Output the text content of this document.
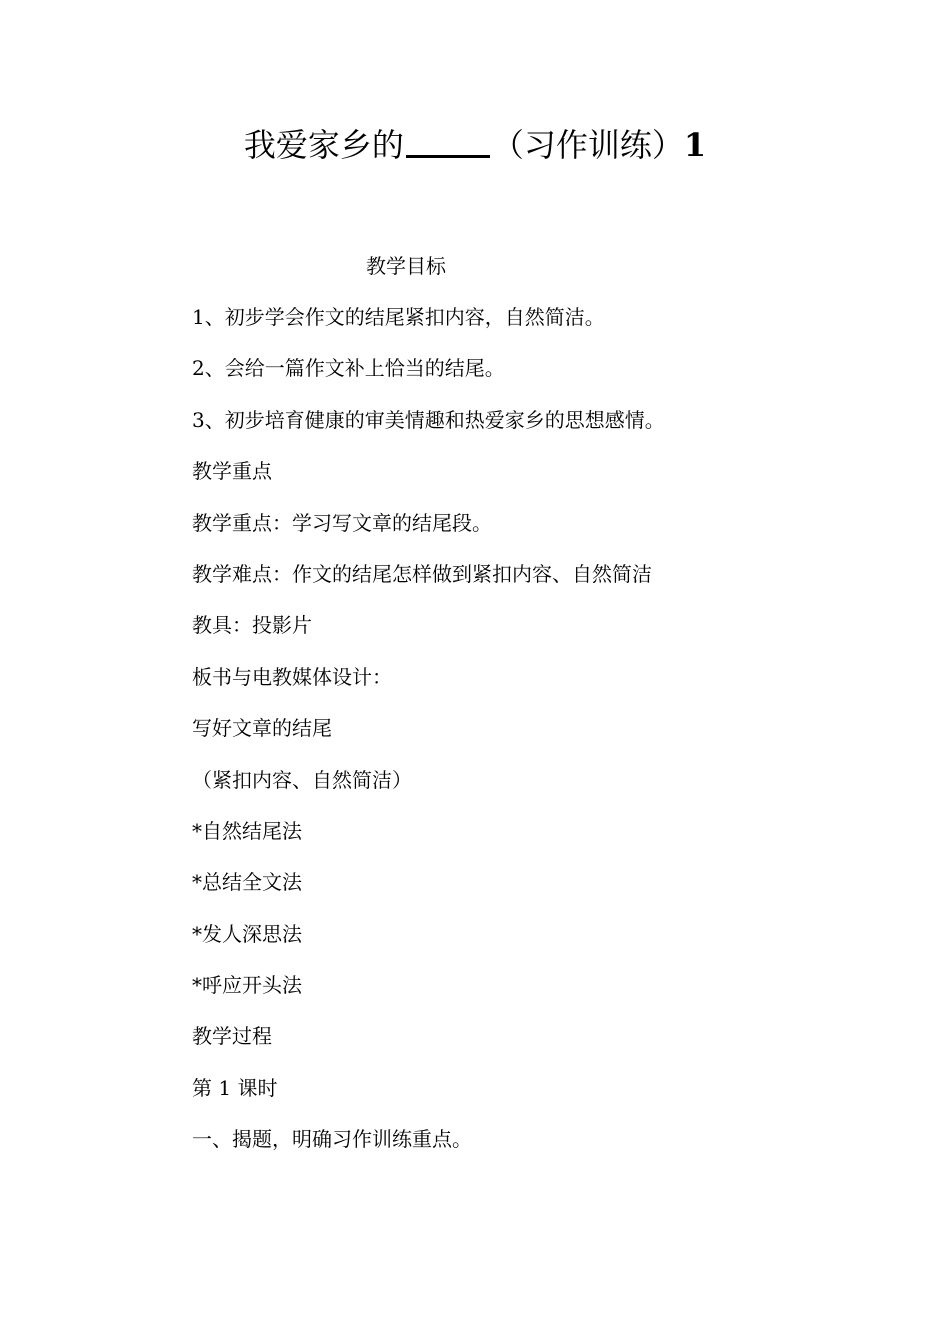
我爱家乡的	（习作训练）1
教学目标
1、初步学会作文的结尾紧扣内容，自然简洁。
2、会给一篇作文补上恰当的结尾。
3、初步培育健康的审美情趣和热爱家乡的思想感情。
教学重点
教学重点：学习写文章的结尾段。
教学难点：作文的结尾怎样做到紧扣内容、自然简洁
教具：投影片
板书与电教媒体设计：
写好文章的结尾
（紧扣内容、自然简洁）
*自然结尾法
*总结全文法
*发人深思法
*呼应开头法
教学过程
第 1 课时
一、揭题，明确习作训练重点。
